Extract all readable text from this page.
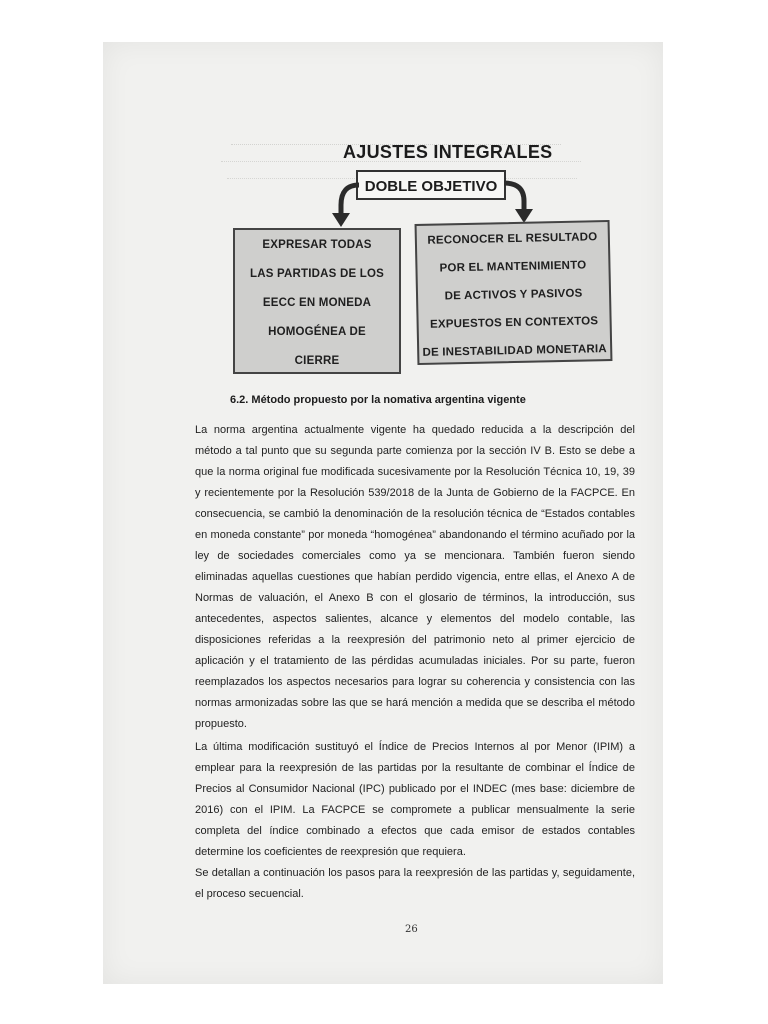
AJUSTES INTEGRALES
DOBLE OBJETIVO
EXPRESAR TODAS
LAS PARTIDAS DE LOS
EECC EN MONEDA
HOMOGÉNEA DE
CIERRE
RECONOCER EL RESULTADO
POR EL MANTENIMIENTO
DE ACTIVOS Y PASIVOS
EXPUESTOS EN CONTEXTOS
DE INESTABILIDAD MONETARIA
6.2. Método propuesto por la nomativa argentina vigente
La norma argentina actualmente vigente ha quedado reducida a la descripción del
método a tal punto que su segunda parte comienza por la sección IV B. Esto se debe a
que la norma original fue modificada sucesivamente por la Resolución Técnica 10, 19, 39
y recientemente por la Resolución 539/2018 de la Junta de Gobierno de la FACPCE. En
consecuencia, se cambió la denominación de la resolución técnica de “Estados contables
en moneda constante” por moneda “homogénea” abandonando el término acuñado por la
ley de sociedades comerciales como ya se mencionara. También fueron siendo
eliminadas aquellas cuestiones que habían perdido vigencia, entre ellas, el Anexo A de
Normas de valuación, el Anexo B con el glosario de términos, la introducción, sus
antecedentes, aspectos salientes, alcance y elementos del modelo contable, las
disposiciones referidas a la reexpresión del patrimonio neto al primer ejercicio de
aplicación y el tratamiento de las pérdidas acumuladas iniciales. Por su parte, fueron
reemplazados los aspectos necesarios para lograr su coherencia y consistencia con las
normas armonizadas sobre las que se hará mención a medida que se describa el método
propuesto.
La última modificación sustituyó el Índice de Precios Internos al por Menor (IPIM) a
emplear para la reexpresión de las partidas por la resultante de combinar el Índice de
Precios al Consumidor Nacional (IPC) publicado por el INDEC (mes base: diciembre de
2016) con el IPIM. La FACPCE se compromete a publicar mensualmente la serie
completa del índice combinado a efectos que cada emisor de estados contables
determine los coeficientes de reexpresión que requiera.
Se detallan a continuación los pasos para la reexpresión de las partidas y, seguidamente,
el proceso secuencial.
26
